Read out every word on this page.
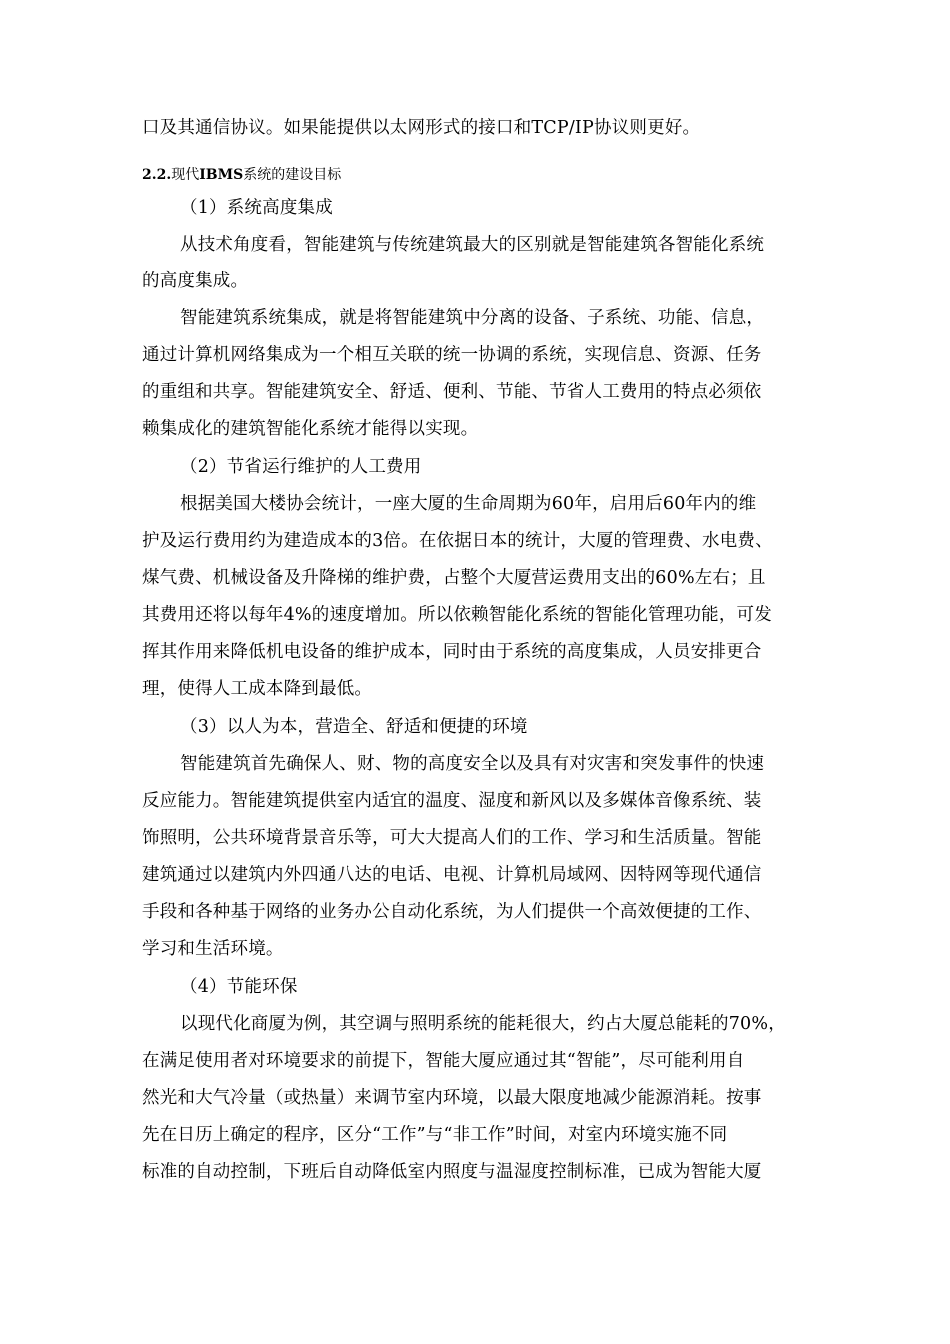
口及其通信协议。如果能提供以太网形式的接口和TCP/IP协议则更好。
2.2.现代IBMS系统的建设目标
（1）系统高度集成
从技术角度看，智能建筑与传统建筑最大的区别就是智能建筑各智能化系统
的高度集成。
智能建筑系统集成，就是将智能建筑中分离的设备、子系统、功能、信息，
通过计算机网络集成为一个相互关联的统一协调的系统，实现信息、资源、任务
的重组和共享。智能建筑安全、舒适、便利、节能、节省人工费用的特点必须依
赖集成化的建筑智能化系统才能得以实现。
（2）节省运行维护的人工费用
根据美国大楼协会统计，一座大厦的生命周期为60年，启用后60年内的维
护及运行费用约为建造成本的3倍。在依据日本的统计，大厦的管理费、水电费、
煤气费、机械设备及升降梯的维护费，占整个大厦营运费用支出的60%左右；且
其费用还将以每年4%的速度增加。所以依赖智能化系统的智能化管理功能，可发
挥其作用来降低机电设备的维护成本，同时由于系统的高度集成，人员安排更合
理，使得人工成本降到最低。
（3）以人为本，营造全、舒适和便捷的环境
智能建筑首先确保人、财、物的高度安全以及具有对灾害和突发事件的快速
反应能力。智能建筑提供室内适宜的温度、湿度和新风以及多媒体音像系统、装
饰照明，公共环境背景音乐等，可大大提高人们的工作、学习和生活质量。智能
建筑通过以建筑内外四通八达的电话、电视、计算机局域网、因特网等现代通信
手段和各种基于网络的业务办公自动化系统，为人们提供一个高效便捷的工作、
学习和生活环境。
（4）节能环保
以现代化商厦为例，其空调与照明系统的能耗很大，约占大厦总能耗的70%，
在满足使用者对环境要求的前提下，智能大厦应通过其“智能”，尽可能利用自
然光和大气冷量（或热量）来调节室内环境，以最大限度地减少能源消耗。按事
先在日历上确定的程序，区分“工作”与“非工作”时间，对室内环境实施不同
标准的自动控制，下班后自动降低室内照度与温湿度控制标准，已成为智能大厦
